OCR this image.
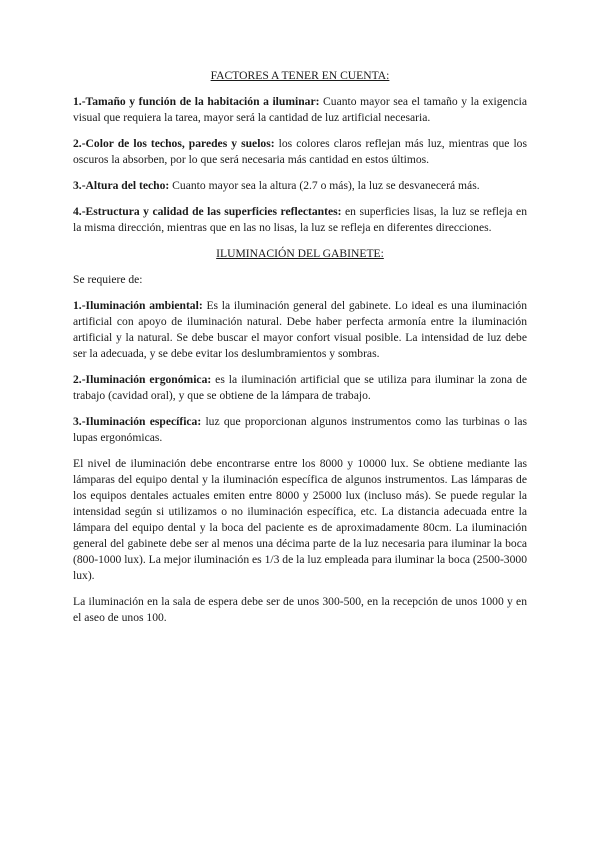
FACTORES A TENER EN CUENTA:

1.-Tamaño y función de la habitación a iluminar: Cuanto mayor sea el tamaño y la exigencia visual que requiera la tarea, mayor será la cantidad de luz artificial necesaria.

2.-Color de los techos, paredes y suelos: los colores claros reflejan más luz, mientras que los oscuros la absorben, por lo que será necesaria más cantidad en estos últimos.

3.-Altura del techo: Cuanto mayor sea la altura (2.7 o más), la luz se desvanecerá más.

4.-Estructura y calidad de las superficies reflectantes: en superficies lisas, la luz se refleja en la misma dirección, mientras que en las no lisas, la luz se refleja en diferentes direcciones.

ILUMINACIÓN DEL GABINETE:

Se requiere de:

1.-Iluminación ambiental: Es la iluminación general del gabinete. Lo ideal es una iluminación artificial con apoyo de iluminación natural. Debe haber perfecta armonía entre la iluminación artificial y la natural. Se debe buscar el mayor confort visual posible. La intensidad de luz debe ser la adecuada, y se debe evitar los deslumbramientos y sombras.

2.-Iluminación ergonómica: es la iluminación artificial que se utiliza para iluminar la zona de trabajo (cavidad oral), y que se obtiene de la lámpara de trabajo.

3.-Iluminación específica: luz que proporcionan algunos instrumentos como las turbinas o las lupas ergonómicas.

El nivel de iluminación debe encontrarse entre los 8000 y 10000 lux. Se obtiene mediante las lámparas del equipo dental y la iluminación específica de algunos instrumentos. Las lámparas de los equipos dentales actuales emiten entre 8000 y 25000 lux (incluso más). Se puede regular la intensidad según si utilizamos o no iluminación específica, etc. La distancia adecuada entre la lámpara del equipo dental y la boca del paciente es de aproximadamente 80cm. La iluminación general del gabinete debe ser al menos una décima parte de la luz necesaria para iluminar la boca (800-1000 lux). La mejor iluminación es 1/3 de la luz empleada para iluminar la boca (2500-3000 lux).

La iluminación en la sala de espera debe ser de unos 300-500, en la recepción de unos 1000 y en el aseo de unos 100.
